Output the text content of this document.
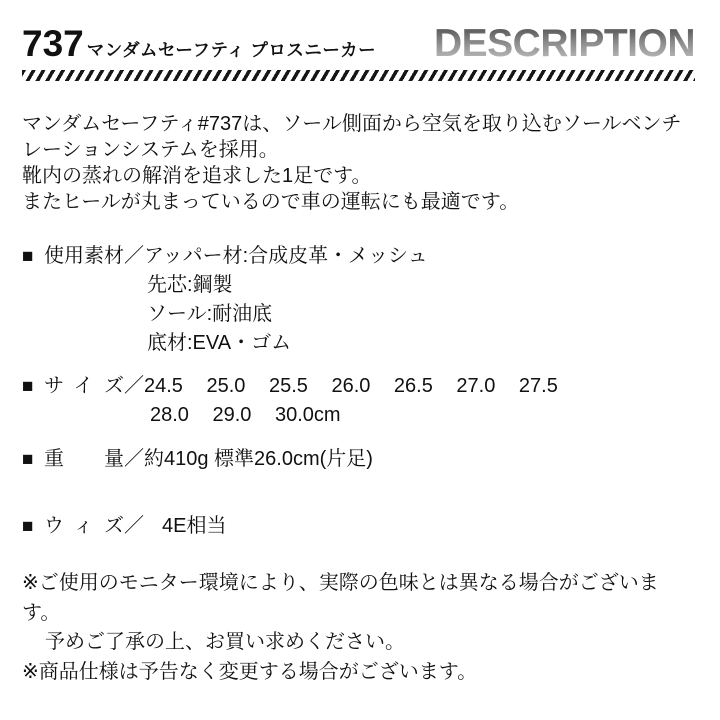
737 マンダムセーフティ プロスニーカー DESCRIPTION
マンダムセーフティ#737は、ソール側面から空気を取り込むソールベンチ
レーションシステムを採用。
靴内の蒸れの解消を追求した1足です。
またヒールが丸まっているので車の運転にも最適です。
■ 使用素材 ／ アッパー材:合成皮革・メッシュ
先芯:鋼製
ソール:耐油底
底材:EVA・ゴム
■ サイズ ／ 24.5 25.0 25.5 26.0 26.5 27.0 27.5
28.0 29.0 30.0cm
■ 重量 ／ 約410g 標準26.0cm(片足)
■ ウィズ ／ 4E相当
※ご使用のモニター環境により、実際の色味とは異なる場合がございます。
予めご了承の上、お買い求めください。
※商品仕様は予告なく変更する場合がございます。
